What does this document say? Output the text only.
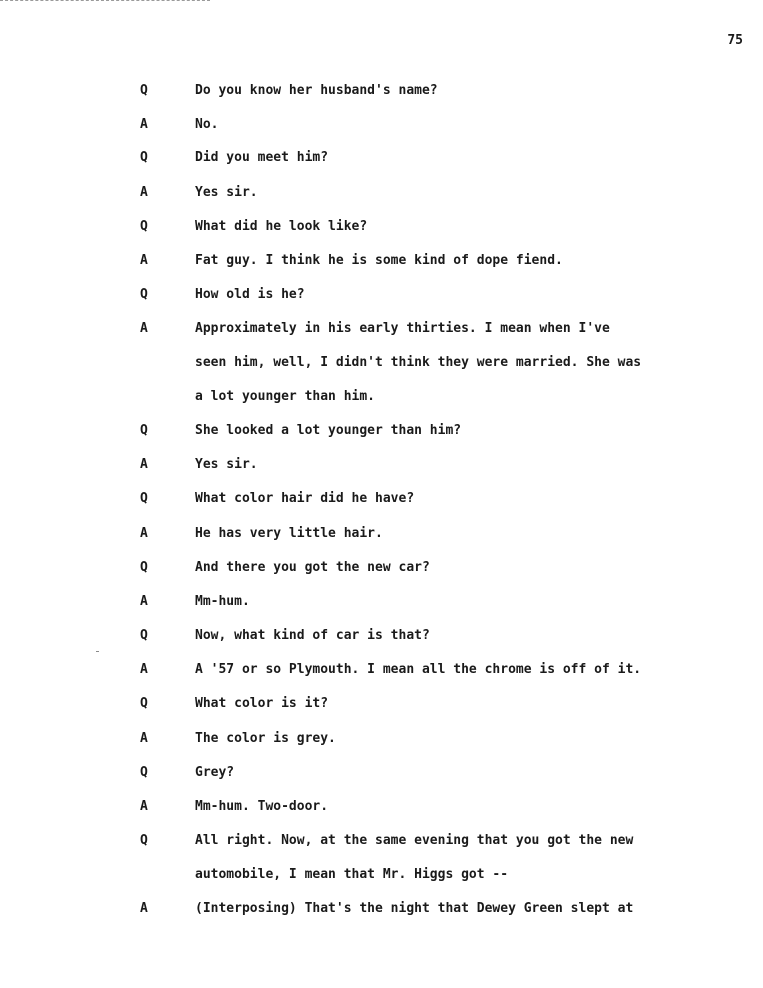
75
Q	Do you know her husband's name?
A	No.
Q	Did you meet him?
A	Yes sir.
Q	What did he look like?
A	Fat guy. I think he is some kind of dope fiend.
Q	How old is he?
A	Approximately in his early thirties. I mean when I've
seen him, well, I didn't think they were married. She was
a lot younger than him.
Q	She looked a lot younger than him?
A	Yes sir.
Q	What color hair did he have?
A	He has very little hair.
Q	And there you got the new car?
A	Mm-hum.
Q	Now, what kind of car is that?
A	A '57 or so Plymouth. I mean all the chrome is off of it.
Q	What color is it?
A	The color is grey.
Q	Grey?
A	Mm-hum. Two-door.
Q	All right. Now, at the same evening that you got the new
automobile, I mean that Mr. Higgs got --
A	(Interposing) That's the night that Dewey Green slept at
